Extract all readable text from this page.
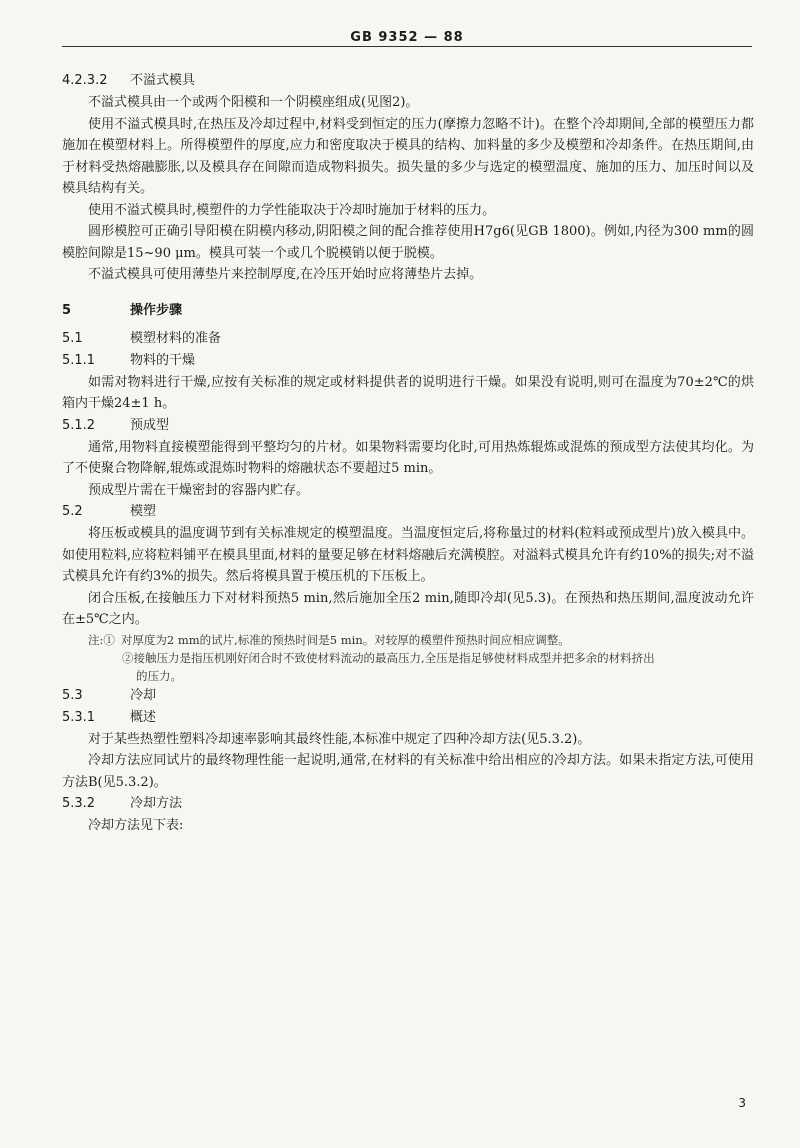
GB 9352 — 88

4.2.3.2 不溢式模具

不溢式模具由一个或两个阳模和一个阴模座组成(见图2)。

使用不溢式模具时,在热压及冷却过程中,材料受到恒定的压力(摩擦力忽略不计)。在整个冷却期间,全部的模塑压力都施加在模塑材料上。所得模塑件的厚度,应力和密度取决于模具的结构、加料量的多少及模塑和冷却条件。在热压期间,由于材料受热熔融膨胀,以及模具存在间隙而造成物料损失。损失量的多少与选定的模塑温度、施加的压力、加压时间以及模具结构有关。

使用不溢式模具时,模塑件的力学性能取决于冷却时施加于材料的压力。

圆形模腔可正确引导阳模在阴模内移动,阴阳模之间的配合推荐使用H7g6(见GB 1800)。例如,内径为300 mm的圆模腔间隙是15~90 μm。模具可装一个或几个脱模销以便于脱模。

不溢式模具可使用薄垫片来控制厚度,在冷压开始时应将薄垫片去掉。

5	操作步骤

5.1	模塑材料的准备

5.1.1	物料的干燥

如需对物料进行干燥,应按有关标准的规定或材料提供者的说明进行干燥。如果没有说明,则可在温度为70±2℃的烘箱内干燥24±1 h。

5.1.2	预成型

通常,用物料直接模塑能得到平整均匀的片材。如果物料需要均化时,可用热炼辊炼或混炼的预成型方法使其均化。为了不使聚合物降解,辊炼或混炼时物料的熔融状态不要超过5 min。

预成型片需在干燥密封的容器内贮存。

5.2	模塑

将压板或模具的温度调节到有关标准规定的模塑温度。当温度恒定后,将称量过的材料(粒料或预成型片)放入模具中。如使用粒料,应将粒料铺平在模具里面,材料的量要足够在材料熔融后充满模腔。对溢料式模具允许有约10%的损失;对不溢式模具允许有约3%的损失。然后将模具置于模压机的下压板上。

闭合压板,在接触压力下对材料预热5 min,然后施加全压2 min,随即冷却(见5.3)。在预热和热压期间,温度波动允许在±5℃之内。

注:① 对厚度为2 mm的试片,标准的预热时间是5 min。对较厚的模塑件预热时间应相应调整。

②接触压力是指压机刚好闭合时不致使材料流动的最高压力,全压是指足够使材料成型并把多余的材料挤出

的压力。

5.3	冷却

5.3.1	概述

对于某些热塑性塑料冷却速率影响其最终性能,本标准中规定了四种冷却方法(见5.3.2)。

冷却方法应同试片的最终物理性能一起说明,通常,在材料的有关标准中给出相应的冷却方法。如果未指定方法,可使用方法B(见5.3.2)。

5.3.2	冷却方法

冷却方法见下表:

3
